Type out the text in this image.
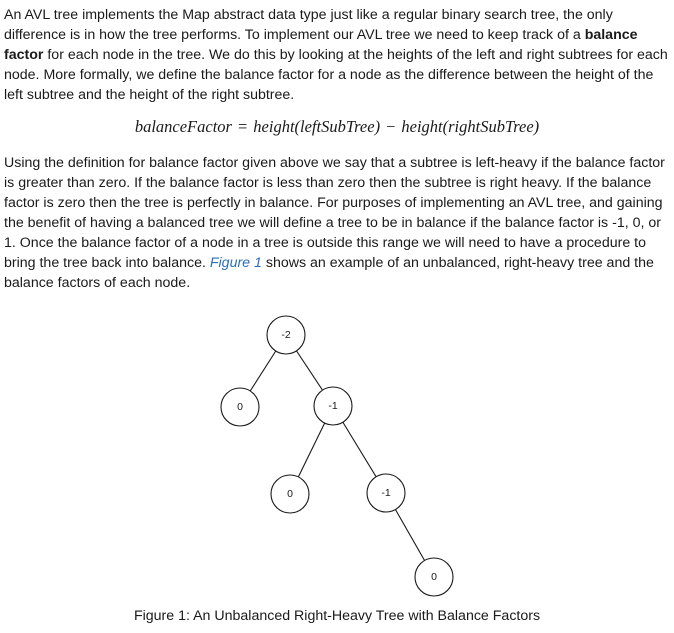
An AVL tree implements the Map abstract data type just like a regular binary search tree, the only difference is in how the tree performs. To implement our AVL tree we need to keep track of a balance factor for each node in the tree. We do this by looking at the heights of the left and right subtrees for each node. More formally, we define the balance factor for a node as the difference between the height of the left subtree and the height of the right subtree.

balanceFactor = height(leftSubTree) − height(rightSubTree)

Using the definition for balance factor given above we say that a subtree is left-heavy if the balance factor is greater than zero. If the balance factor is less than zero then the subtree is right heavy. If the balance factor is zero then the tree is perfectly in balance. For purposes of implementing an AVL tree, and gaining the benefit of having a balanced tree we will define a tree to be in balance if the balance factor is -1, 0, or 1. Once the balance factor of a node in a tree is outside this range we will need to have a procedure to bring the tree back into balance. Figure 1 shows an example of an unbalanced, right-heavy tree and the balance factors of each node.

-2
0	-1
0	-1
0
Figure 1: An Unbalanced Right-Heavy Tree with Balance Factors
